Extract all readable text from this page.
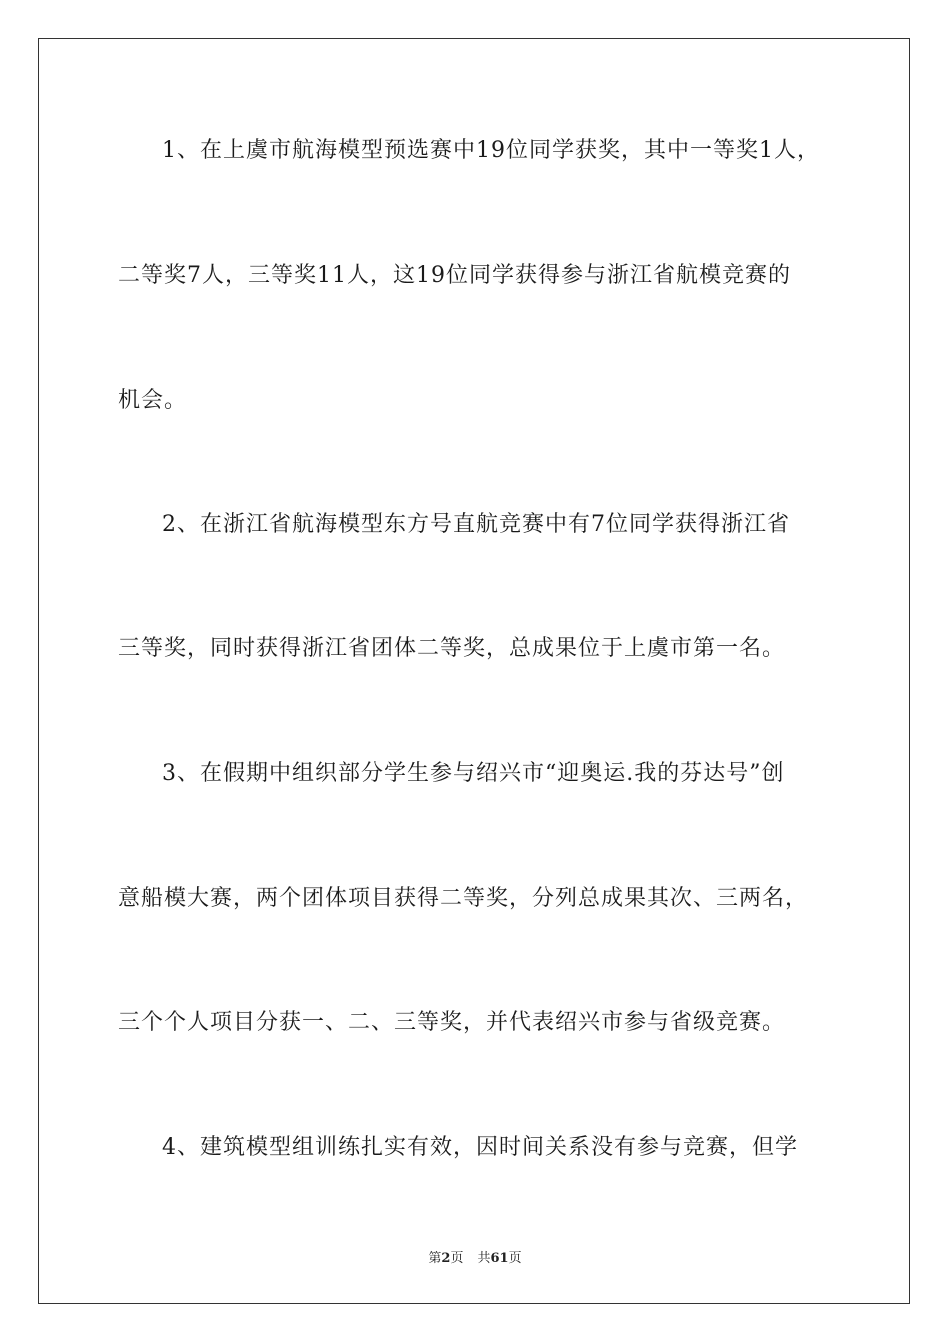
1、在上虞市航海模型预选赛中19位同学获奖，其中一等奖1人，
二等奖7人，三等奖11人，这19位同学获得参与浙江省航模竞赛的
机会。
2、在浙江省航海模型东方号直航竞赛中有7位同学获得浙江省
三等奖，同时获得浙江省团体二等奖，总成果位于上虞市第一名。
3、在假期中组织部分学生参与绍兴市“迎奥运.我的芬达号”创
意船模大赛，两个团体项目获得二等奖，分列总成果其次、三两名，
三个个人项目分获一、二、三等奖，并代表绍兴市参与省级竞赛。
4、建筑模型组训练扎实有效，因时间关系没有参与竞赛，但学
第2页 共61页
